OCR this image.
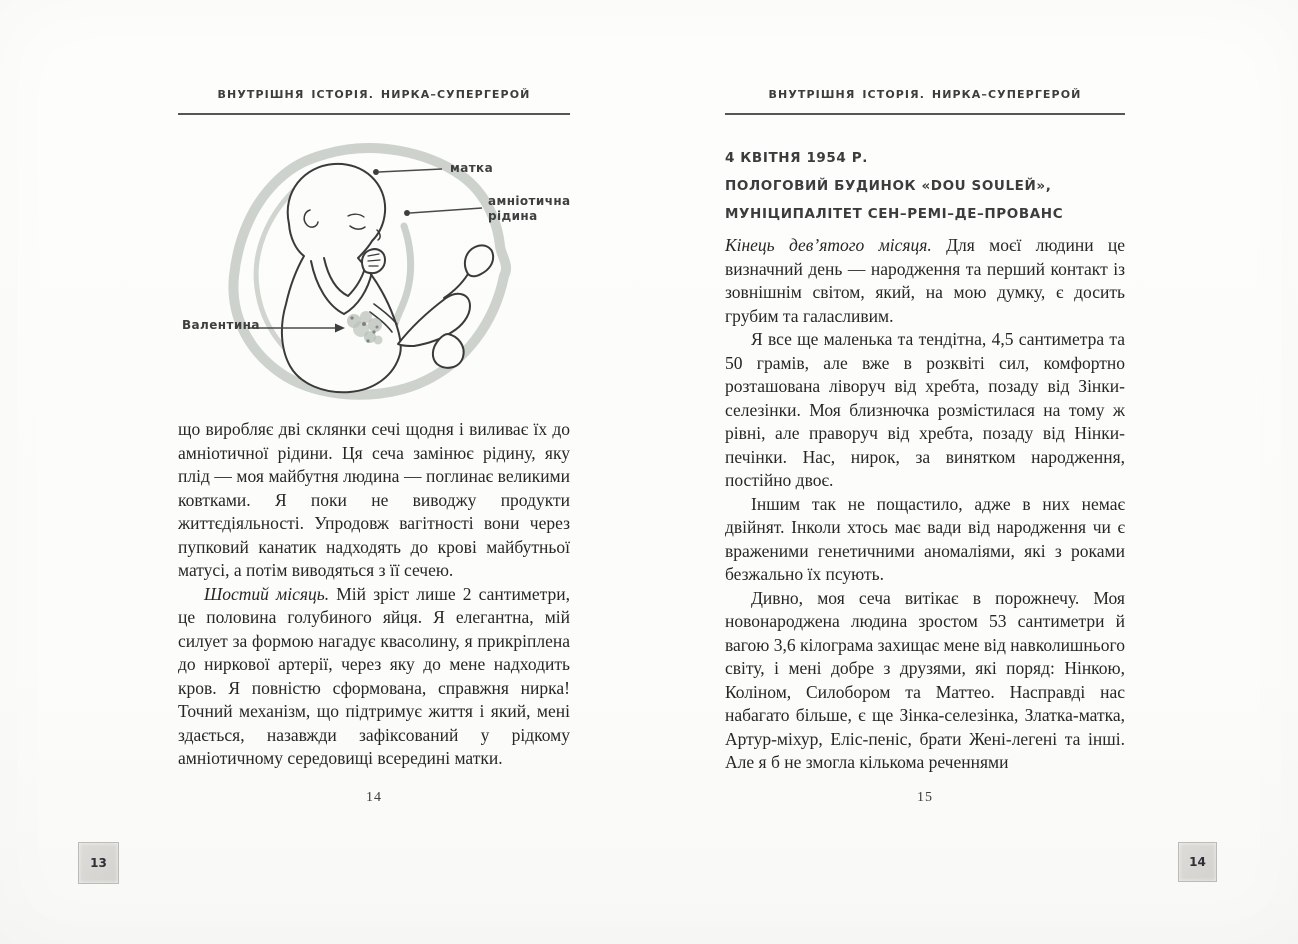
ВНУТРІШНЯ ІСТОРІЯ. НИРКА–СУПЕРГЕРОЙ
матка
амніотична
рідина
Валентина

що виробляє дві склянки сечі щодня і виливає їх до амніотичної рідини. Ця сеча замінює рідину, яку плід — моя майбутня людина — поглинає великими ковтками. Я поки не виводжу продукти життєдіяльності. Упродовж вагітності вони через пупковий канатик надходять до крові майбутньої матусі, а потім виводяться з її сечею.

Шостий місяць. Мій зріст лише 2 сантиметри, це половина голубиного яйця. Я елегантна, мій силует за формою нагадує квасолину, я прикріплена до ниркової артерії, через яку до мене надходить кров. Я повністю сформована, справжня нирка! Точний механізм, що підтримує життя і який, мені здається, назавжди зафіксований у рідкому амніотичному середовищі всередині матки.

14
ВНУТРІШНЯ ІСТОРІЯ. НИРКА–СУПЕРГЕРОЙ
4 КВІТНЯ 1954 Р.
ПОЛОГОВИЙ БУДИНОК «DOU SOULEЙ»,
МУНІЦИПАЛІТЕТ СЕН–РЕМІ–ДЕ–ПРОВАНС

Кінець дев’ятого місяця. Для моєї людини це визначний день — народження та перший контакт із зовнішнім світом, який, на мою думку, є досить грубим та галасливим.

Я все ще маленька та тендітна, 4,5 сантиметра та 50 грамів, але вже в розквіті сил, комфортно розташована ліворуч від хребта, позаду від Зінки-селезінки. Моя близнючка розмістилася на тому ж рівні, але праворуч від хребта, позаду від Нінки-печінки. Нас, нирок, за винятком народження, постійно двоє.

Іншим так не пощастило, адже в них немає двійнят. Інколи хтось має вади від народження чи є враженими генетичними аномаліями, які з роками безжально їх псують.

Дивно, моя сеча витікає в порожнечу. Моя новонароджена людина зростом 53 сантиметри й вагою 3,6 кілограма захищає мене від навколишнього світу, і мені добре з друзями, які поряд: Нінкою, Коліном, Силобором та Маттео. Насправді нас набагато більше, є ще Зінка-селезінка, Златка-матка, Артур-міхур, Еліс-пеніс, брати Жені-легені та інші. Але я б не змогла кількома реченнями

15
13	14
